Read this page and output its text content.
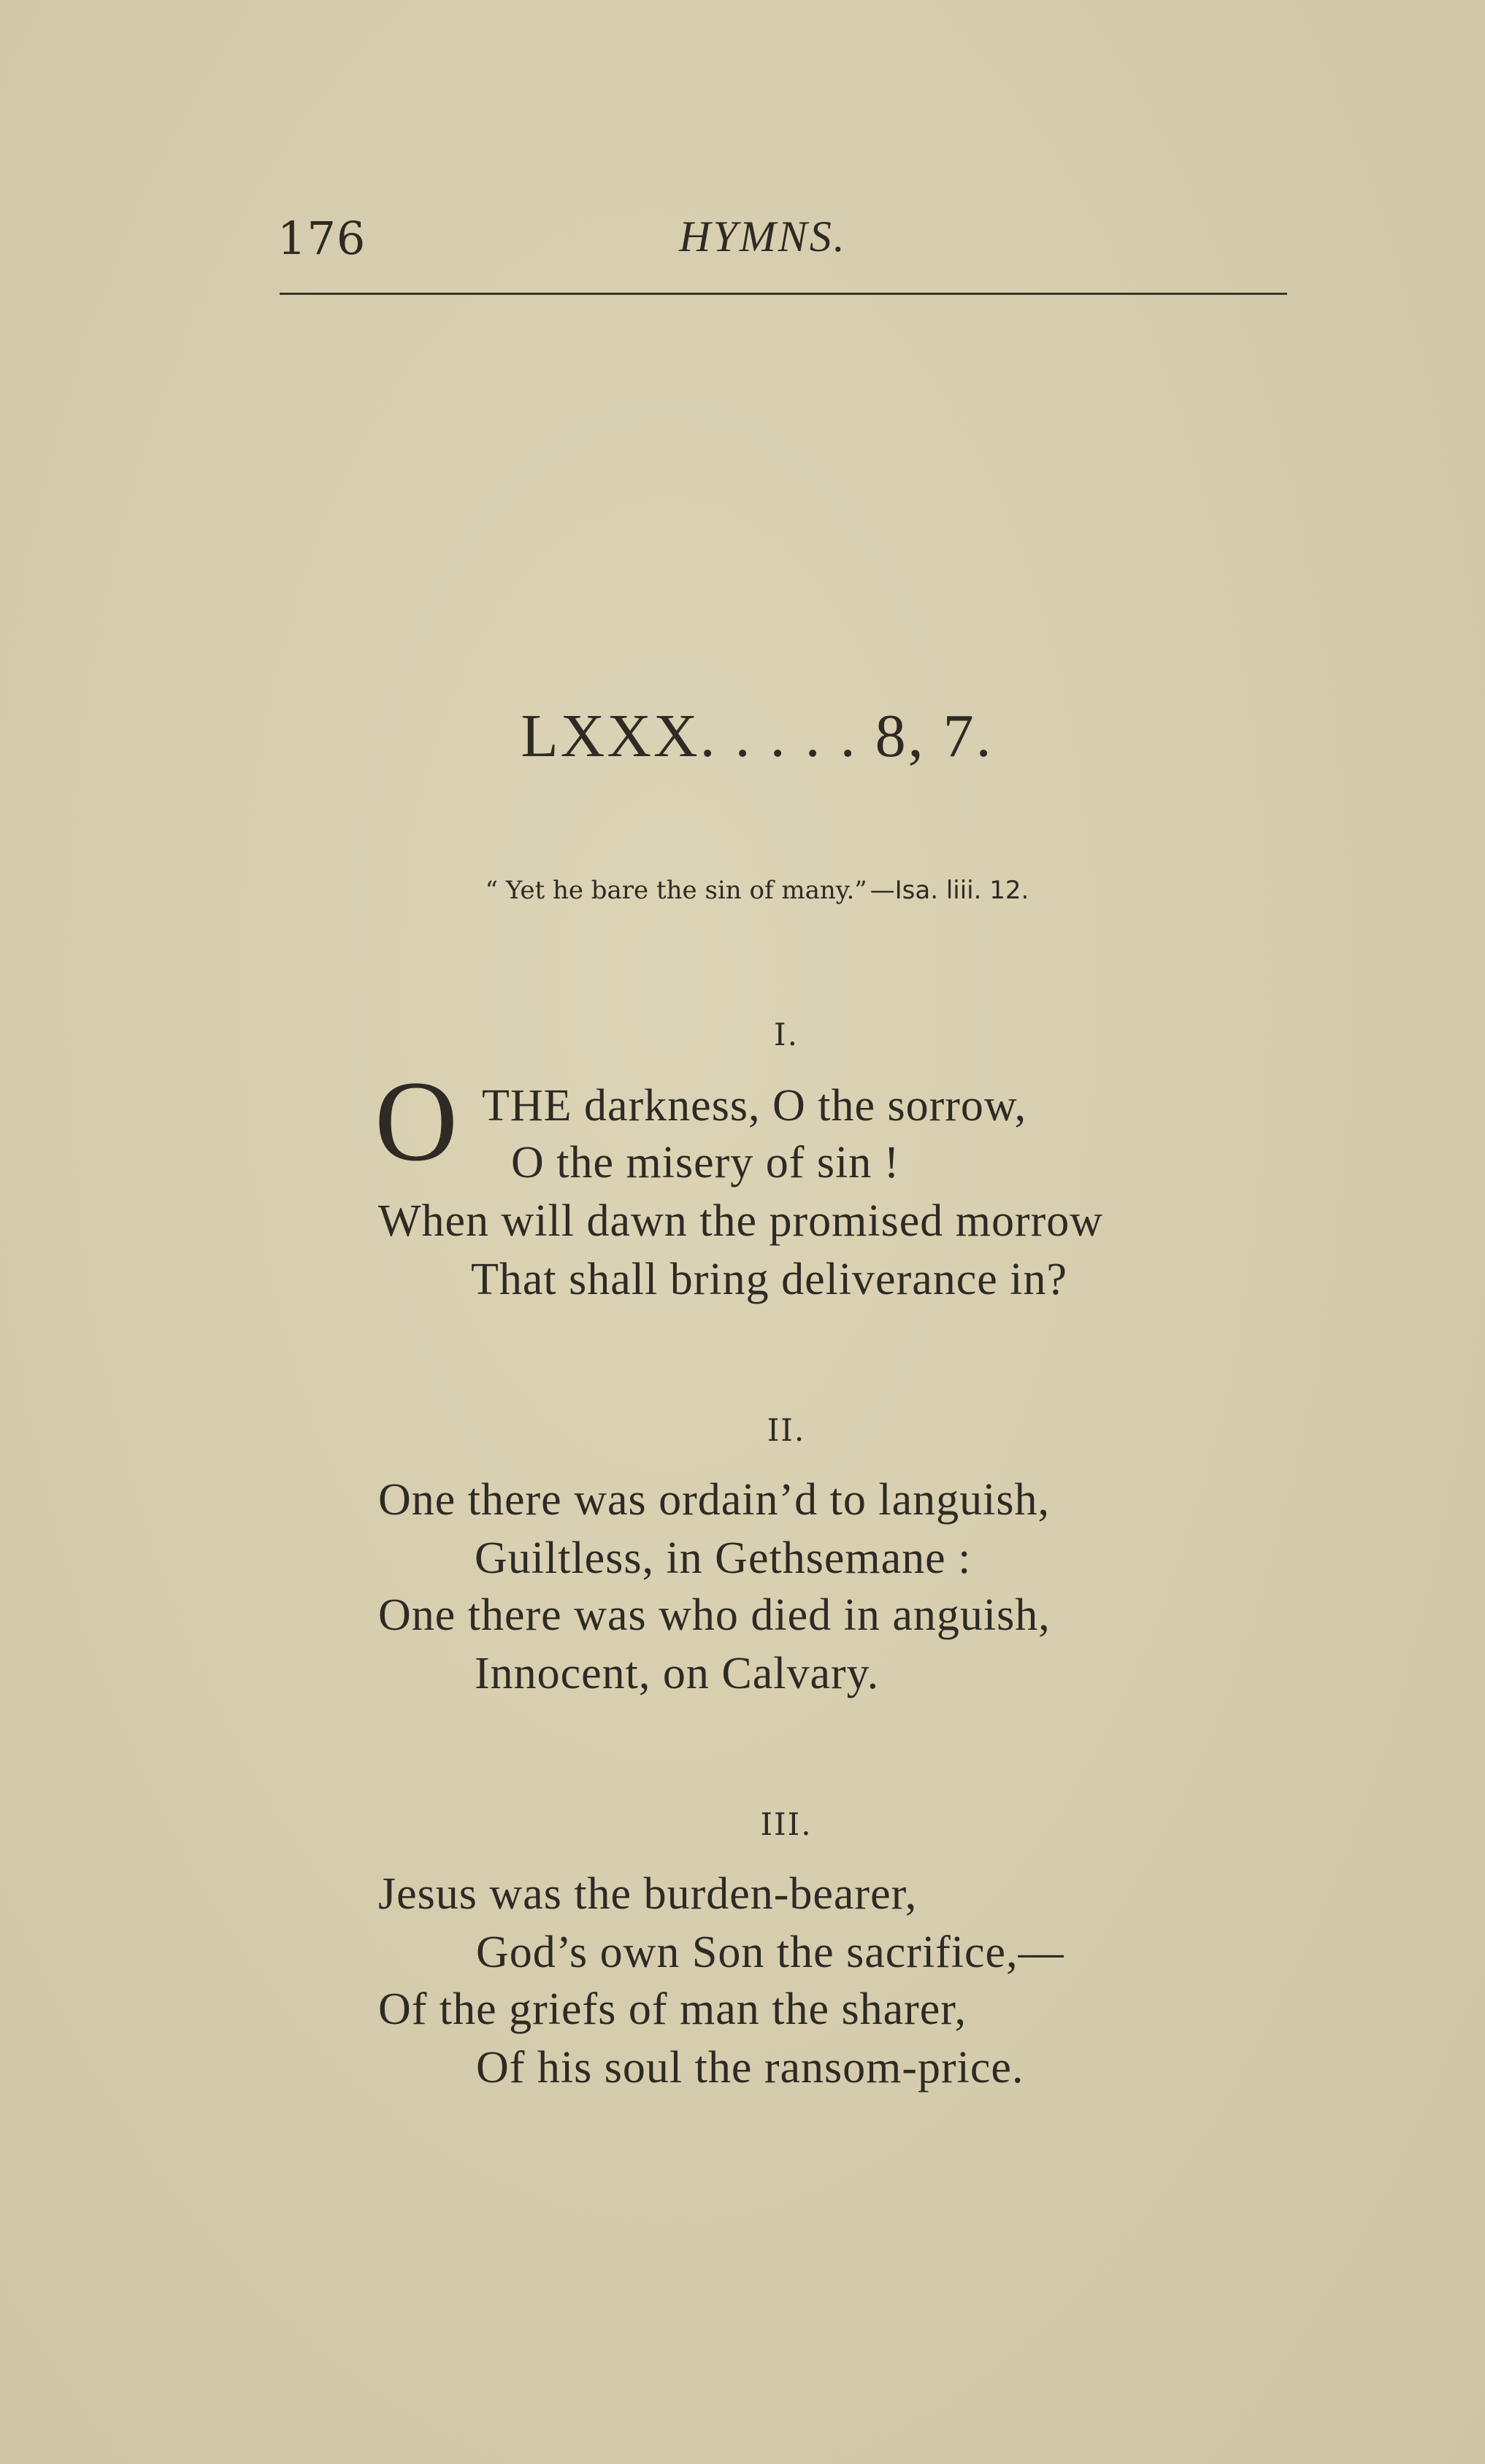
176	HYMNS.
LXXX. . . . . 8, 7.
“ Yet he bare the sin of many.” —Isa. liii. 12.
I.
O THE darkness, O the sorrow,
O the misery of sin !
When will dawn the promised morrow
That shall bring deliverance in?
II.
One there was ordain’d to languish,
Guiltless, in Gethsemane :
One there was who died in anguish,
Innocent, on Calvary.
III.
Jesus was the burden-bearer,
God’s own Son the sacrifice,—
Of the griefs of man the sharer,
Of his soul the ransom-price.
